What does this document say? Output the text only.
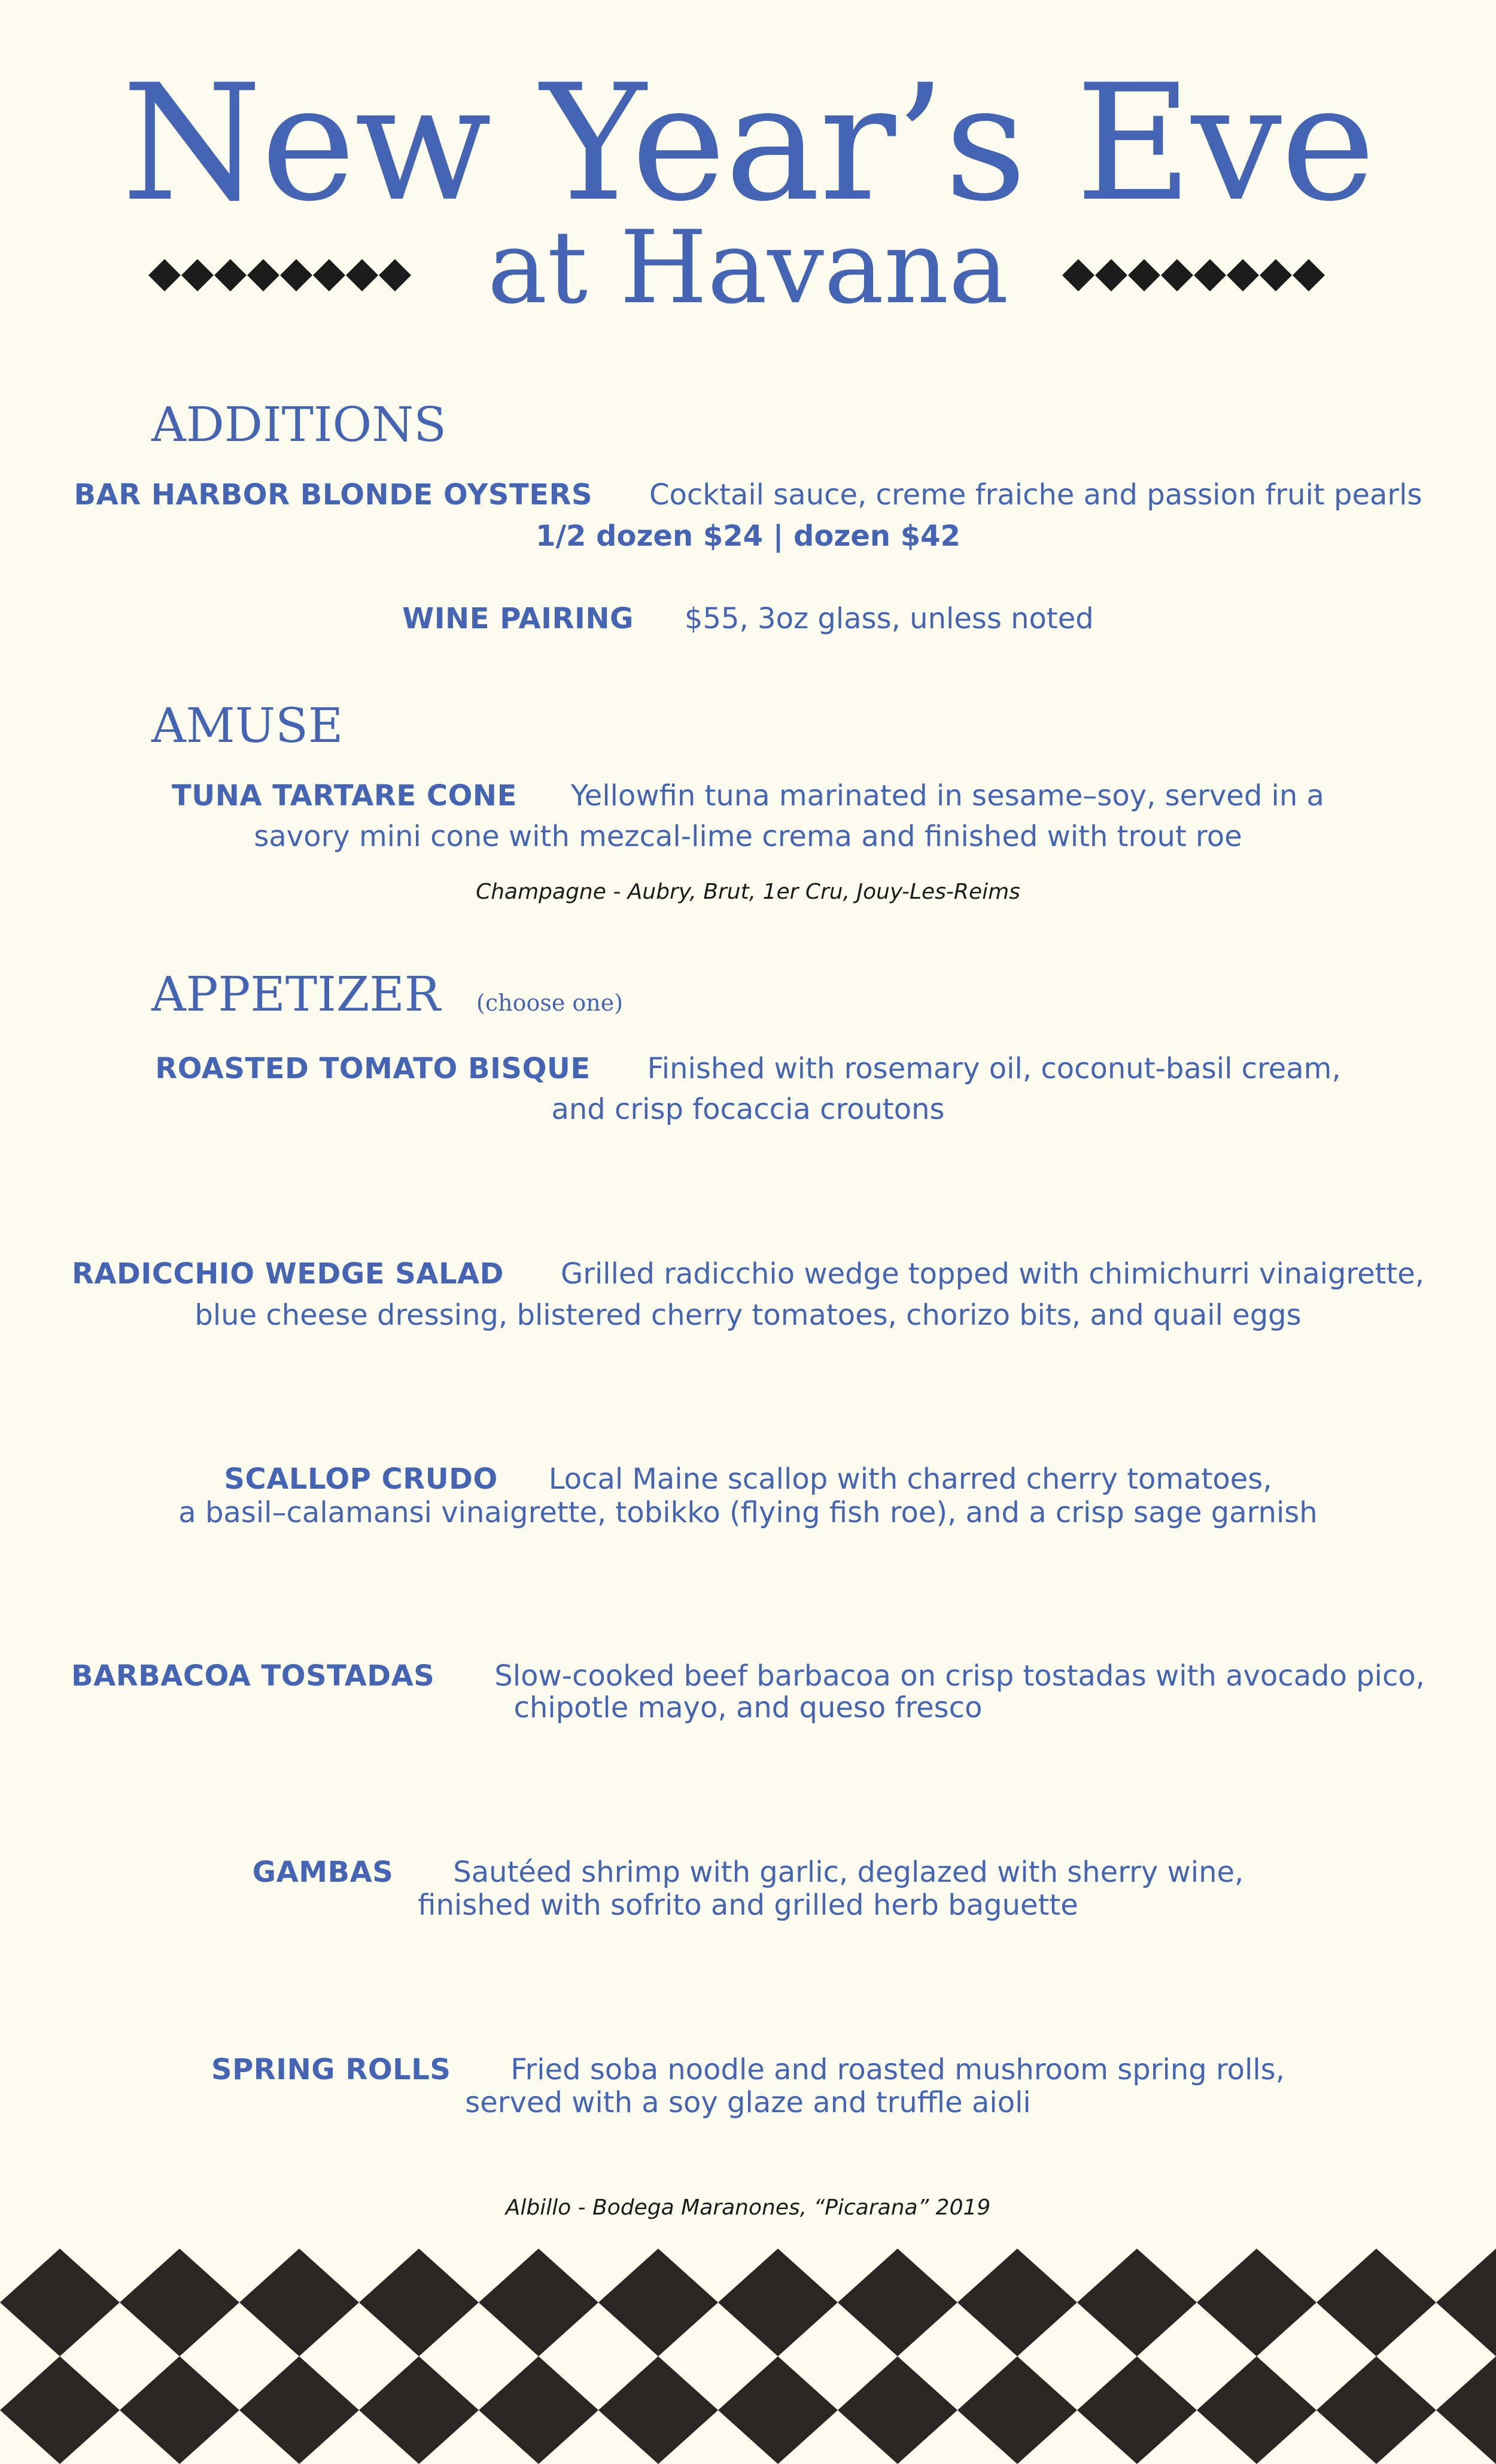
New Year’s Eve
at Havana
ADDITIONS
BAR HARBOR BLONDE OYSTERS Cocktail sauce, creme fraiche and passion fruit pearls
1/2 dozen $24 | dozen $42
WINE PAIRING $55, 3oz glass, unless noted
AMUSE
TUNA TARTARE CONE Yellowfin tuna marinated in sesame–soy, served in a
savory mini cone with mezcal-lime crema and finished with trout roe
Champagne - Aubry, Brut, 1er Cru, Jouy-Les-Reims
APPETIZER (choose one)
ROASTED TOMATO BISQUE Finished with rosemary oil, coconut-basil cream,
and crisp focaccia croutons
RADICCHIO WEDGE SALAD Grilled radicchio wedge topped with chimichurri vinaigrette,
blue cheese dressing, blistered cherry tomatoes, chorizo bits, and quail eggs
SCALLOP CRUDO Local Maine scallop with charred cherry tomatoes,
a basil–calamansi vinaigrette, tobikko (flying fish roe), and a crisp sage garnish
BARBACOA TOSTADAS Slow-cooked beef barbacoa on crisp tostadas with avocado pico,
chipotle mayo, and queso fresco
GAMBAS Sautéed shrimp with garlic, deglazed with sherry wine,
finished with sofrito and grilled herb baguette
SPRING ROLLS Fried soba noodle and roasted mushroom spring rolls,
served with a soy glaze and truffle aioli
Albillo - Bodega Maranones, “Picarana” 2019
